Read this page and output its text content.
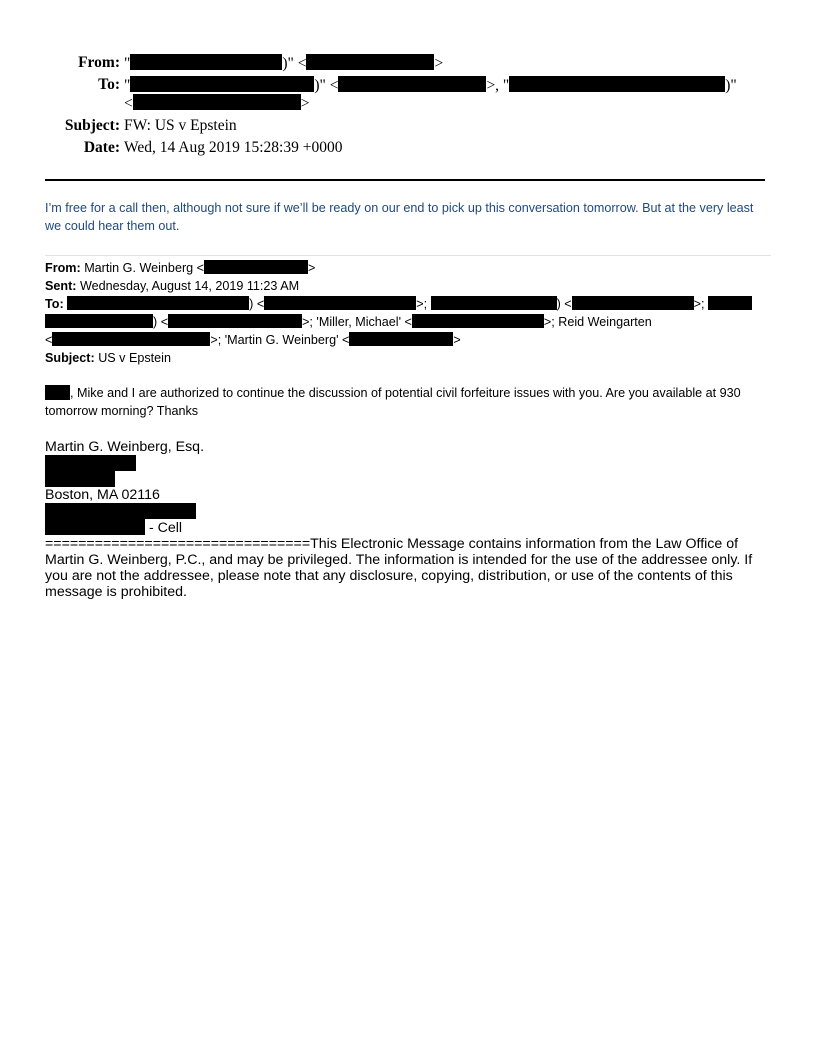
From: "	)" <	>
To: "	)" <	>, "	)"
<	>
Subject: FW: US v Epstein
Date: Wed, 14 Aug 2019 15:28:39 +0000
I’m free for a call then, although not sure if we’ll be ready on our end to pick up this conversation tomorrow. But at the very least we could hear them out.
From: Martin G. Weinberg <	>
Sent: Wednesday, August 14, 2019 11:23 AM
To:	) <	>;	) <	>;
) <	>; 'Miller, Michael' <	>; Reid Weingarten
<	>; 'Martin G. Weinberg' <	>
Subject: US v Epstein
, Mike and I are authorized to continue the discussion of potential civil forfeiture issues with you. Are you available at 930 tomorrow morning? Thanks
Martin G. Weinberg, Esq.
Boston, MA 02116
- Cell
================================This Electronic Message contains information from the Law Office of Martin G. Weinberg, P.C., and may be privileged. The information is intended for the use of the addressee only. If you are not the addressee, please note that any disclosure, copying, distribution, or use of the contents of this message is prohibited.
